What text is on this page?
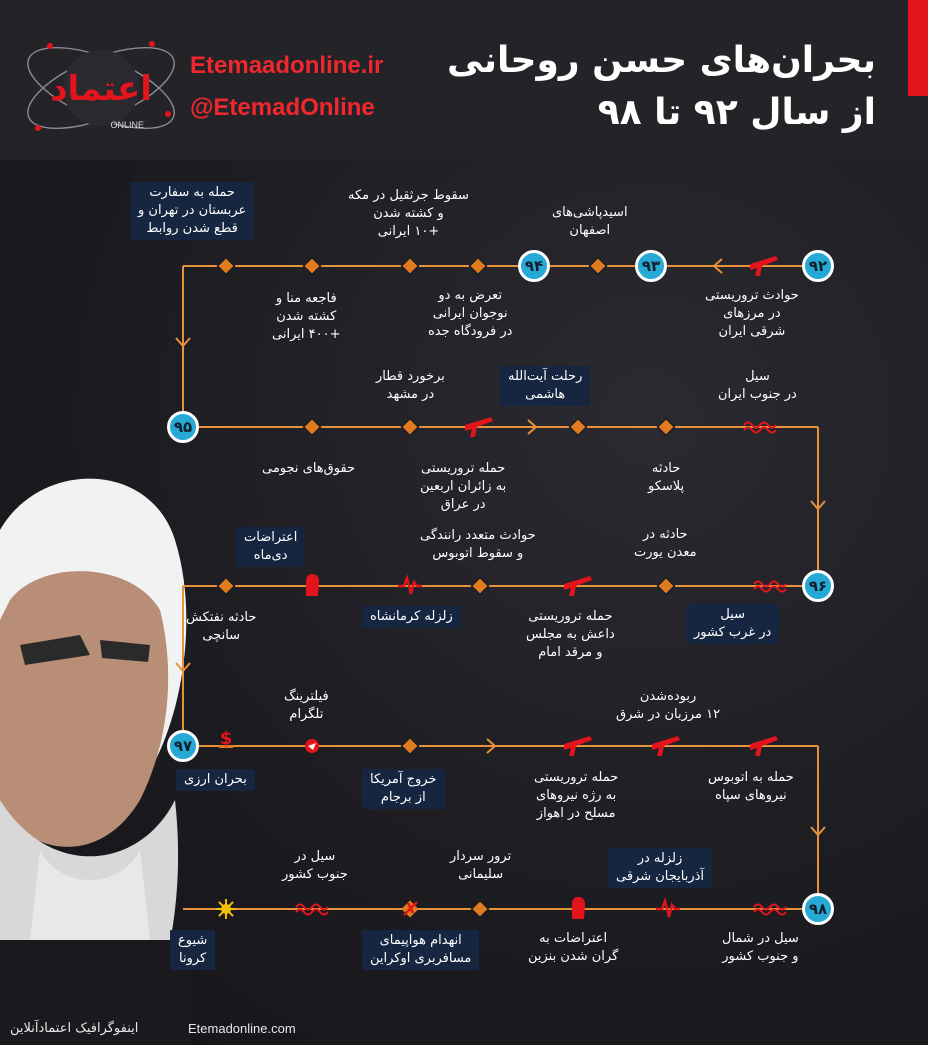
اعتماد
ONLINE
Etemaadonline.ir
@EtemadOnline
بحران‌های حسن روحانی
از سال ۹۲ تا ۹۸
$
۹۲
۹۳
۹۴
۹۵
۹۶
۹۷
۹۸
حوادث تروریستی
در مرزهای
شرقی ایران
اسیدپاشی‌های
اصفهان
تعرض به دو
نوجوان ایرانی
در فرودگاه جده
سقوط جرثقیل در مکه
و کشته شدن
+۱۰ ایرانی
فاجعه منا و
کشته شدن
+۴۰۰ ایرانی
حمله به سفارت
عربستان در تهران و
قطع شدن روابط
سیل
در جنوب ایران
حادثه
پلاسکو
رحلت آیت‌الله
هاشمی
حمله تروریستی
به زائران اربعین
در عراق
برخورد قطار
در مشهد
حقوق‌های نجومی
سیل
در غرب کشور
حادثه در
معدن یورت
حمله تروریستی
داعش به مجلس
و مرقد امام
حوادث متعدد رانندگی
و سقوط اتوبوس
زلزله کرمانشاه
اعتراضات
دی‌ماه
حادثه نفتکش
سانچی
حمله به اتوبوس
نیروهای سپاه
ربوده‌شدن
۱۲ مرزبان در شرق
حمله تروریستی
به رژه نیروهای
مسلح در اهواز
خروج آمریکا
از برجام
فیلترینگ
تلگرام
بحران ارزی
سیل در شمال
و جنوب کشور
زلزله در
آذربایجان شرقی
اعتراضات به
گران شدن بنزین
ترور سردار
سلیمانی
انهدام هواپیمای
مسافربری اوکراین
سیل در
جنوب کشور
شیوع
کرونا
اینفوگرافیک اعتمادآنلاین	Etemadonline.com
